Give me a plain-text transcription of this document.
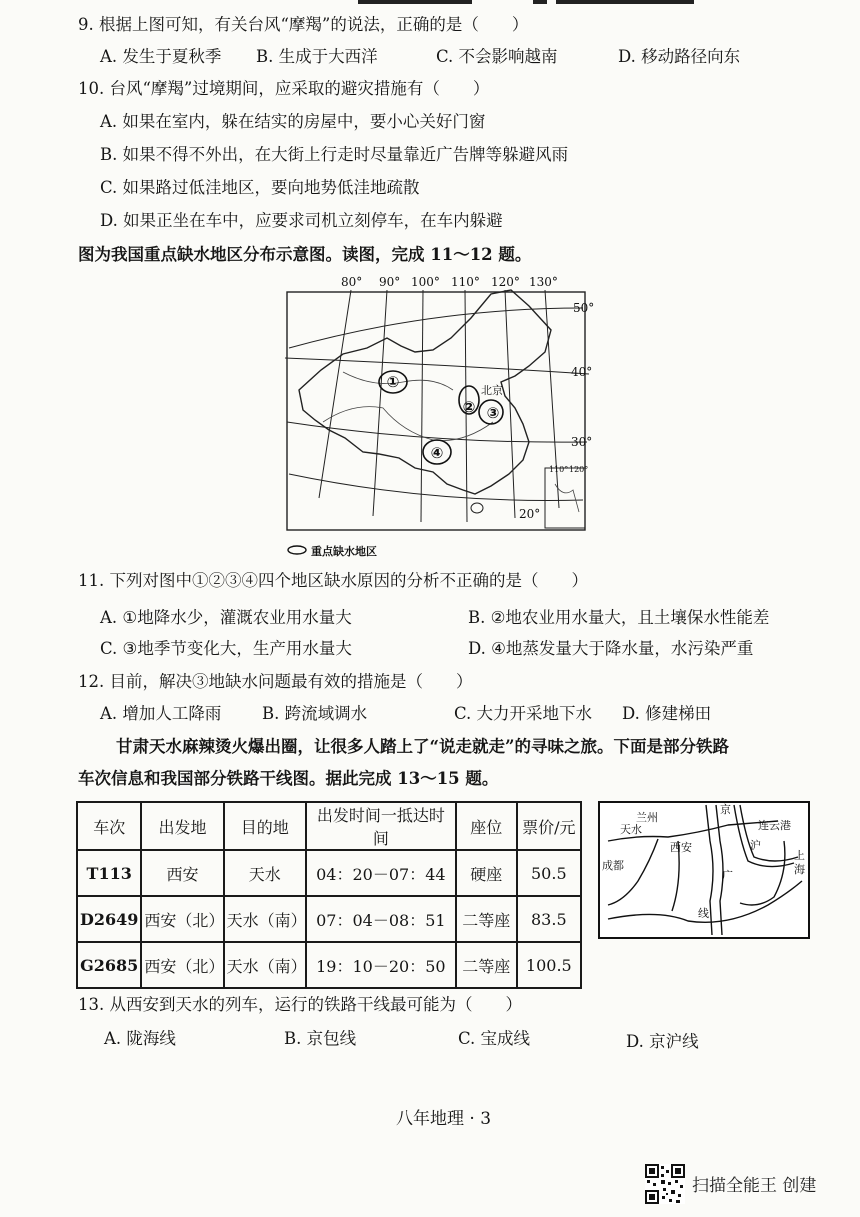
9. 根据上图可知，有关台风“摩羯”的说法，正确的是（　　）
A. 发生于夏秋季 B. 生成于大西洋	C. 不会影响越南	D. 移动路径向东
10. 台风“摩羯”过境期间，应采取的避灾措施有（　　）
A. 如果在室内，躲在结实的房屋中，要小心关好门窗
B. 如果不得不外出，在大街上行走时尽量靠近广告牌等躲避风雨
C. 如果路过低洼地区，要向地势低洼地疏散
D. 如果正坐在车中，应要求司机立刻停车，在车内躲避
图为我国重点缺水地区分布示意图。读图，完成 11～12 题。
80° 90° 100° 110° 120° 130°
50°
40°
30°
20°
北京
110° 120°
①
② ③
④
重点缺水地区
11. 下列对图中①②③④四个地区缺水原因的分析不正确的是（　　）
A. ①地降水少，灌溉农业用水量大	B. ②地农业用水量大，且土壤保水性能差
C. ③地季节变化大，生产用水量大	D. ④地蒸发量大于降水量，水污染严重
12. 目前，解决③地缺水问题最有效的措施是（　　）
A. 增加人工降雨 B. 跨流域调水	C. 大力开采地下水 D. 修建梯田
甘肃天水麻辣烫火爆出圈，让很多人踏上了“说走就走”的寻味之旅。下面是部分铁路
车次信息和我国部分铁路干线图。据此完成 13～15 题。
车次	出发地	目的地	出发时间一抵达时间	座位	票价/元
T113	西安	天水	04：20－07：44	硬座	50.5
D2649	西安（北）	天水（南）	07：04－08：51	二等座	83.5
G2685	西安（北）	天水（南）	19：10－20：50	二等座	100.5
兰州
京
天水
西安
连云港
成都
沪
上
海
广
线
13. 从西安到天水的列车，运行的铁路干线最可能为（　　）
A. 陇海线	B. 京包线	C. 宝成线	D. 京沪线
八年地理 · 3
扫描全能王 创建
